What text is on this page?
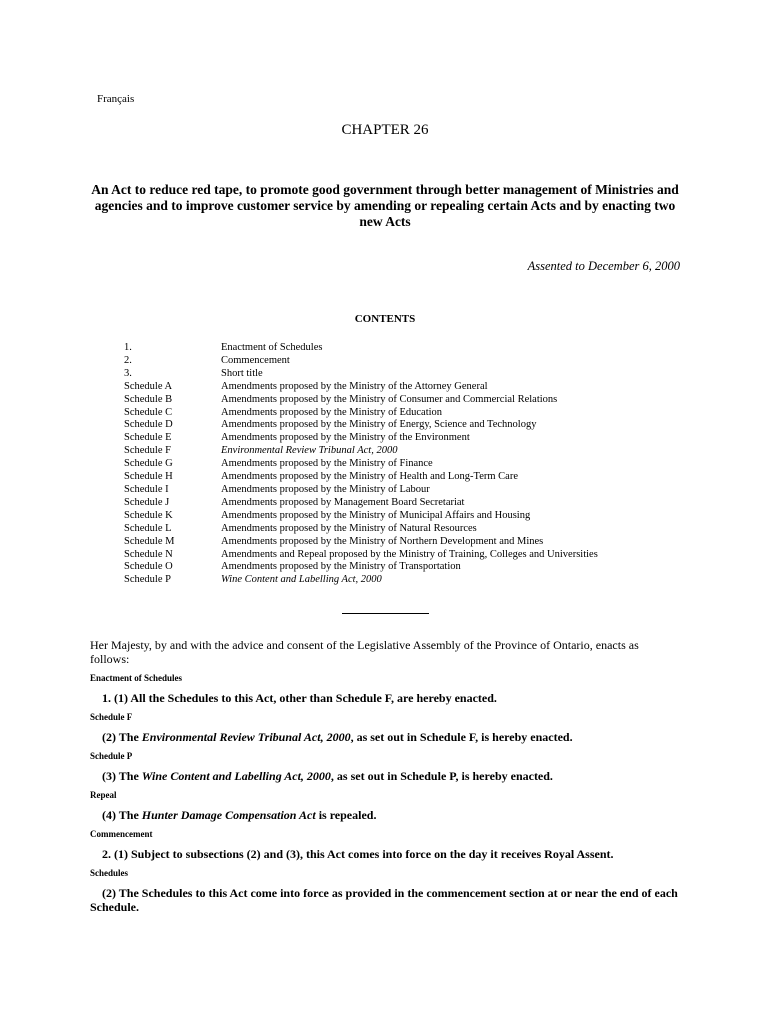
Français
CHAPTER 26
An Act to reduce red tape, to promote good government through better management of Ministries and agencies and to improve customer service by amending or repealing certain Acts and by enacting two new Acts
Assented to December 6, 2000
CONTENTS
1.	Enactment of Schedules
2.	Commencement
3.	Short title
Schedule A	Amendments proposed by the Ministry of the Attorney General
Schedule B	Amendments proposed by the Ministry of Consumer and Commercial Relations
Schedule C	Amendments proposed by the Ministry of Education
Schedule D	Amendments proposed by the Ministry of Energy, Science and Technology
Schedule E	Amendments proposed by the Ministry of the Environment
Schedule F	Environmental Review Tribunal Act, 2000
Schedule G	Amendments proposed by the Ministry of Finance
Schedule H	Amendments proposed by the Ministry of Health and Long-Term Care
Schedule I	Amendments proposed by the Ministry of Labour
Schedule J	Amendments proposed by Management Board Secretariat
Schedule K	Amendments proposed by the Ministry of Municipal Affairs and Housing
Schedule L	Amendments proposed by the Ministry of Natural Resources
Schedule M	Amendments proposed by the Ministry of Northern Development and Mines
Schedule N	Amendments and Repeal proposed by the Ministry of Training, Colleges and Universities
Schedule O	Amendments proposed by the Ministry of Transportation
Schedule P	Wine Content and Labelling Act, 2000

Her Majesty, by and with the advice and consent of the Legislative Assembly of the Province of Ontario, enacts as follows:

Enactment of Schedules
1. (1) All the Schedules to this Act, other than Schedule F, are hereby enacted.
Schedule F
(2) The Environmental Review Tribunal Act, 2000, as set out in Schedule F, is hereby enacted.
Schedule P
(3) The Wine Content and Labelling Act, 2000, as set out in Schedule P, is hereby enacted.
Repeal
(4) The Hunter Damage Compensation Act is repealed.
Commencement
2. (1) Subject to subsections (2) and (3), this Act comes into force on the day it receives Royal Assent.
Schedules
(2) The Schedules to this Act come into force as provided in the commencement section at or near the end of each Schedule.
